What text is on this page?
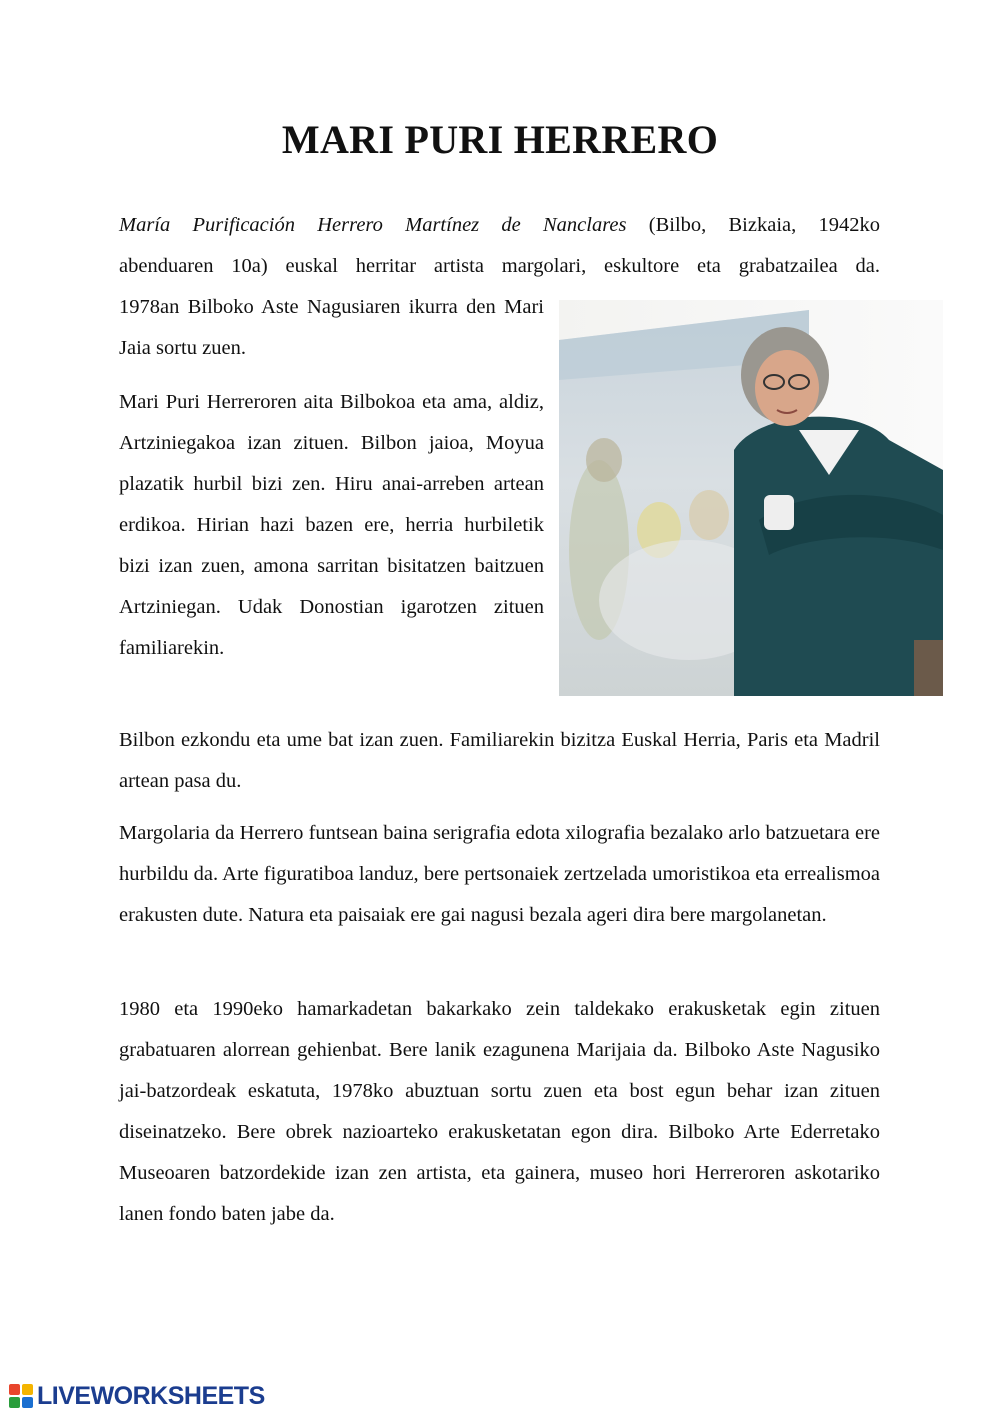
MARI PURI HERRERO

María Purificación Herrero Martínez de Nanclares (Bilbo, Bizkaia, 1942ko

abenduaren 10a) euskal herritar artista margolari, eskultore eta grabatzailea da.

1978an Bilboko Aste Nagusiaren ikurra den Mari Jaia sortu zuen.

Mari Puri Herreroren aita Bilbokoa eta ama, aldiz, Artziniegakoa izan zituen. Bilbon jaioa, Moyua plazatik hurbil bizi zen. Hiru anai-arreben artean erdikoa. Hirian hazi bazen ere, herria hurbiletik bizi izan zuen, amona sarritan bisitatzen baitzuen Artziniegan. Udak Donostian igarotzen zituen familiarekin.

Bilbon ezkondu eta ume bat izan zuen. Familiarekin bizitza Euskal Herria, Paris eta Madril artean pasa du.

Margolaria da Herrero funtsean baina serigrafia edota xilografia bezalako arlo batzuetara ere hurbildu da. Arte figuratiboa landuz, bere pertsonaiek zertzelada umoristikoa eta errealismoa erakusten dute. Natura eta paisaiak ere gai nagusi bezala ageri dira bere margolanetan.

1980 eta 1990eko hamarkadetan bakarkako zein taldekako erakusketak egin zituen grabatuaren alorrean gehienbat. Bere lanik ezagunena Marijaia da. Bilboko Aste Nagusiko jai-batzordeak eskatuta, 1978ko abuztuan sortu zuen eta bost egun behar izan zituen diseinatzeko. Bere obrek nazioarteko erakusketatan egon dira. Bilboko Arte Ederretako Museoaren batzordekide izan zen artista, eta gainera, museo hori Herreroren askotariko lanen fondo baten jabe da.

LIVEWORKSHEETS
